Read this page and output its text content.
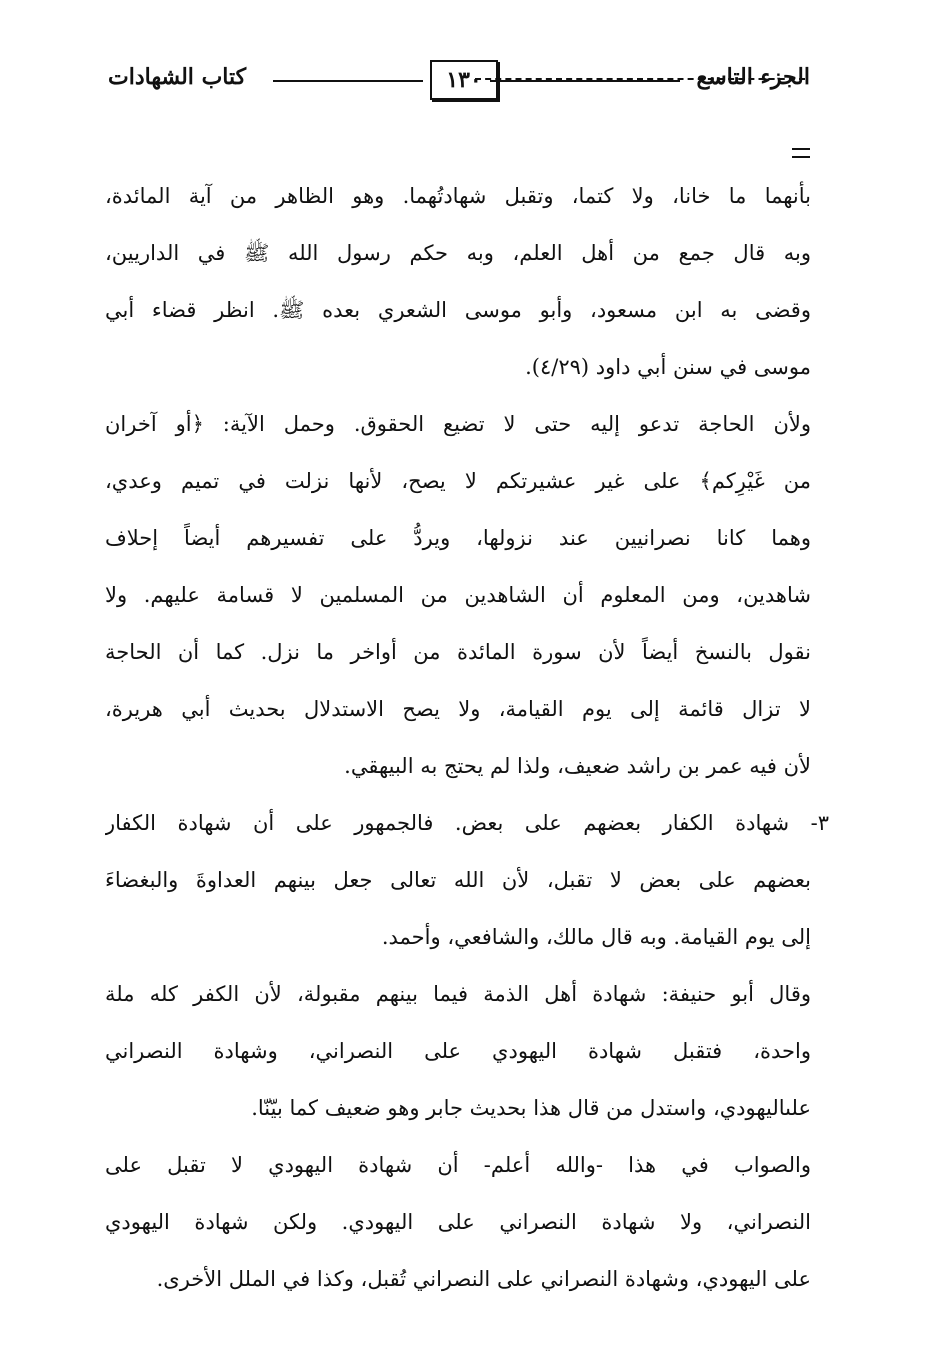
الجزء التاسع
١٣٠
كتاب الشهادات
بأنهما ما خانا، ولا كتما، وتقبل شهادتُهما. وهو الظاهر من آية المائدة،
وبه قال جمع من أهل العلم، وبه حكم رسول الله ﷺ في الداريين،
وقضى به ابن مسعود، وأبو موسى الشعري بعده ﷺ. انظر قضاء أبي
موسى في سنن أبي داود (٤/٢٩).
ولأن الحاجة تدعو إليه حتى لا تضيع الحقوق. وحمل الآية: ﴿أو آخران
من غَيْرِكم﴾ على غير عشيرتكم لا يصح، لأنها نزلت في تميم وعدي،
وهما كانا نصرانيين عند نزولها، ويردُّ على تفسيرهم أيضاً إحلاف
شاهدين، ومن المعلوم أن الشاهدين من المسلمين لا قسامة عليهم. ولا
نقول بالنسخ أيضاً لأن سورة المائدة من أواخر ما نزل. كما أن الحاجة
لا تزال قائمة إلى يوم القيامة، ولا يصح الاستدلال بحديث أبي هريرة،
لأن فيه عمر بن راشد ضعيف، ولذا لم يحتج به البيهقي.
٣- شهادة الكفار بعضهم على بعض. فالجمهور على أن شهادة الكفار
بعضهم على بعض لا تقبل، لأن الله تعالى جعل بينهم العداوةَ والبغضاءَ
إلى يوم القيامة. وبه قال مالك، والشافعي، وأحمد.
وقال أبو حنيفة: شهادة أهل الذمة فيما بينهم مقبولة، لأن الكفر كله ملة
واحدة، فتقبل شهادة اليهودي على النصراني، وشهادة النصراني
علىاليهودي، واستدل من قال هذا بحديث جابر وهو ضعيف كما بيّنّا.
والصواب في هذا -والله أعلم- أن شهادة اليهودي لا تقبل على
النصراني، ولا شهادة النصراني على اليهودي. ولكن شهادة اليهودي
على اليهودي، وشهادة النصراني على النصراني تُقبل، وكذا في الملل الأخرى.
